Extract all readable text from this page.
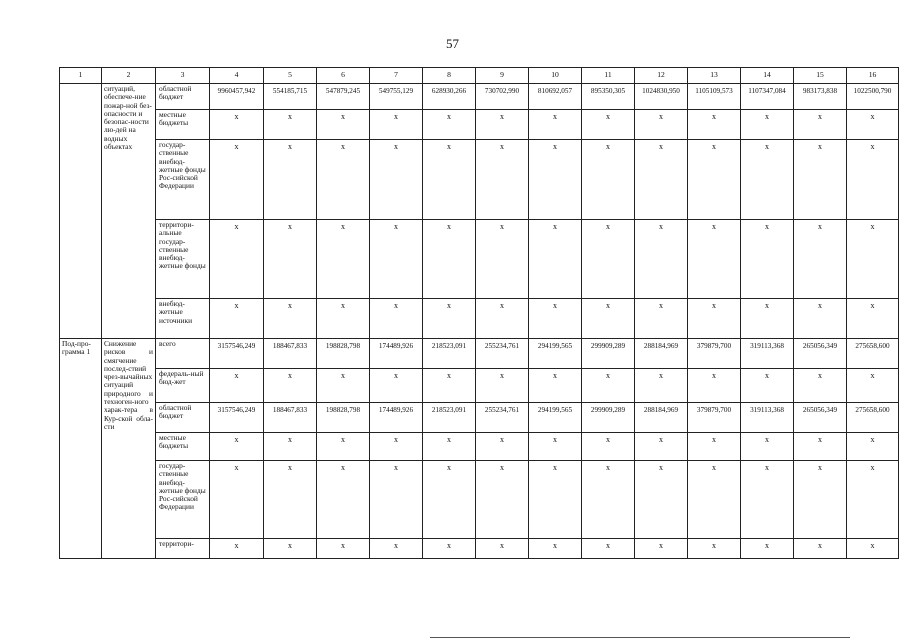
57
1	2	3	4	5	6	7	8	9	10	11	12	13	14	15	16
	ситуаций, обеспече-ние пожар-ной без-опасности и безопас-ности лю-дей на водных объектах	областной бюджет	9960457,942	554185,715	547879,245	549755,129	628930,266	730702,990	810692,057	895350,305	1024830,950	1105109,573	1107347,084	983173,838	1022500,790
		местные бюджеты	x	x	x	x	x	x	x	x	x	x	x	x	x
		государ-ственные внебюд-жетные фонды Рос-сийской Федерации	x	x	x	x	x	x	x	x	x	x	x	x	x
		территори-альные государ-ственные внебюд-жетные фонды	x	x	x	x	x	x	x	x	x	x	x	x	x
		внебюд-жетные источники	x	x	x	x	x	x	x	x	x	x	x	x	x
Под-про-грамма 1	Снижение рисков и смягчение послед-ствий чрез-вычайных ситуаций природного и техноген-ного харак-тера в Кур-ской обла-сти	всего	3157546,249	188467,833	198828,798	174489,926	218523,091	255234,761	294199,565	299909,289	288184,969	379879,700	319113,368	265056,349	275658,600
		федераль-ный бюд-жет	x	x	x	x	x	x	x	x	x	x	x	x	x
		областной бюджет	3157546,249	188467,833	198828,798	174489,926	218523,091	255234,761	294199,565	299909,289	288184,969	379879,700	319113,368	265056,349	275658,600
		местные бюджеты	x	x	x	x	x	x	x	x	x	x	x	x	x
		государ-ственные внебюд-жетные фонды Рос-сийской Федерации	x	x	x	x	x	x	x	x	x	x	x	x	x
		территори-	x	x	x	x	x	x	x	x	x	x	x	x	x
